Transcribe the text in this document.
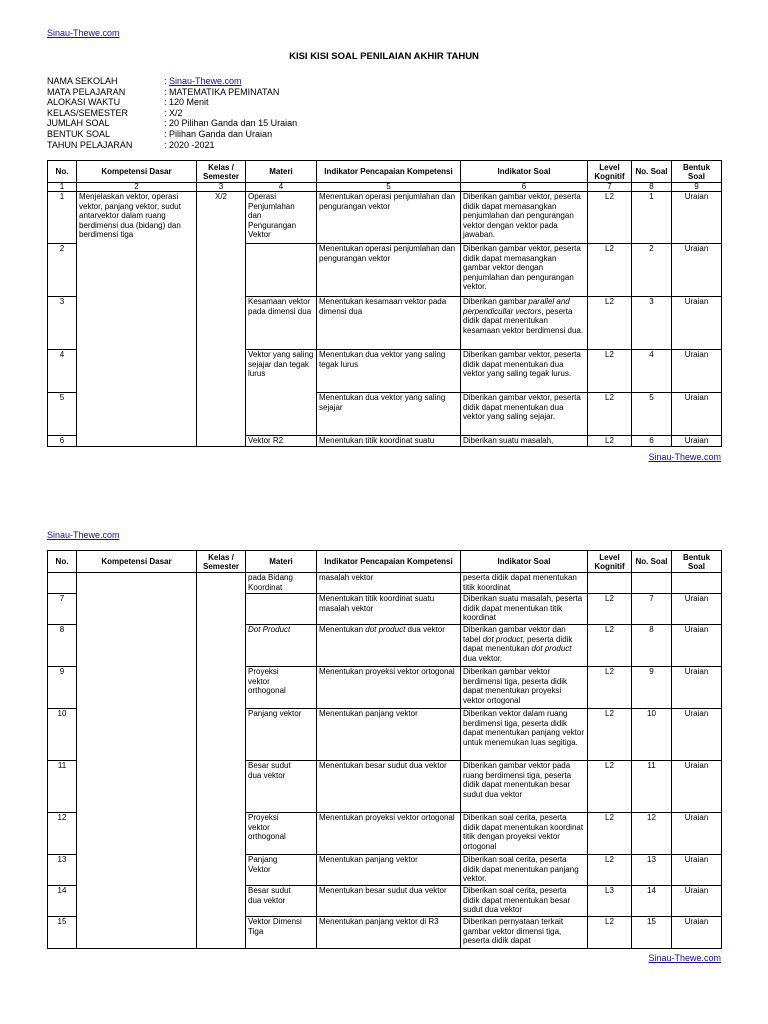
Sinau-Thewe.com
KISI KISI SOAL PENILAIAN AKHIR TAHUN
NAMA SEKOLAH	: Sinau-Thewe.com
MATA PELAJARAN	: MATEMATIKA PEMINATAN
ALOKASI WAKTU	: 120 Menit
KELAS/SEMESTER	: X/2
JUMLAH SOAL	: 20 Pilihan Ganda dan 15 Uraian
BENTUK SOAL	: Pilihan Ganda dan Uraian
TAHUN PELAJARAN	: 2020 -2021
No.	Kompetensi Dasar	Kelas / Semester	Materi	Indikator Pencapaian Kompetensi	Indikator Soal	Level Kognitif	No. Soal	Bentuk Soal
1	2	3	4	5	6	7	8	9
1	Menjelaskan vektor, operasi vektor, panjang vektor, sudut antarvektor dalam ruang berdimensi dua (bidang) dan berdimensi tiga	X/2	Operasi
Penjumlahan
dan
Pengurangan
Vektor	Menentukan operasi penjumlahan dan pengurangan vektor	Diberikan gambar vektor, peserta didik dapat memasangkan penjumlahan dan pengurangan vektor dengan vektor pada jawaban.	L2	1	Uraian
2				Menentukan operasi penjumlahan dan pengurangan vektor	Diberikan gambar vektor, peserta didik dapat memasangkan gambar vektor dengan penjumlahan dan pengurangan vektor.	L2	2	Uraian
3			Kesamaan vektor pada dimensi dua	Menentukan kesamaan vektor pada dimensi dua	Diberikan gambar parallel and perpendicullar vectors, peserta didik dapat menentukan kesamaan vektor berdimensi dua.	L2	3	Uraian
4			Vektor yang saling sejajar dan tegak lurus	Menentukan dua vektor yang saling tegak lurus	Diberikan gambar vektor, peserta didik dapat menentukan dua vektor yang saling tegak lurus.	L2	4	Uraian
5				Menentukan dua vektor yang saling sejajar	Diberikan gambar vektor, peserta didik dapat menentukan dua vektor yang saling sejajar.	L2	5	Uraian
6			Vektor R2	Menentukan titik koordinat suatu	Diberikan suatu masalah,	L2	6	Uraian
Sinau-Thewe.com
Sinau-Thewe.com
No.	Kompetensi Dasar	Kelas / Semester	Materi	Indikator Pencapaian Kompetensi	Indikator Soal	Level Kognitif	No. Soal	Bentuk Soal
			pada Bidang Koordinat	masalah vektor	peserta didik dapat menentukan titik koordinat			
7				Menentukan titik koordinat suatu masalah vektor	Diberikan suatu masalah, peserta didik dapat menentukan titik koordinat	L2	7	Uraian
8			Dot Product	Menentukan dot product dua vektor	Diberikan gambar vektor dan tabel dot product, peserta didik dapat menentukan dot product dua vektor.	L2	8	Uraian
9			Proyeksi
vektor
orthogonal	Menentukan proyeksi vektor ortogonal	Diberikan gambar vektor berdimensi tiga, peserta didik dapat menentukan proyeksi vektor ortogonal	L2	9	Uraian
10			Panjang vektor	Menentukan panjang vektor	Diberikan vektor dalam ruang berdimensi tiga, peserta didik dapat menentukan panjang vektor untuk menemukan luas segitiga.	L2	10	Uraian
11			Besar sudut
dua vektor	Menentukan besar sudut dua vektor	Diberikan gambar vektor pada ruang berdimensi tiga, peserta didik dapat menentukan besar sudut dua vektor	L2	11	Uraian
12			Proyeksi
vektor
orthogonal	Menentukan proyeksi vektor ortogonal	Diberikan soal cerita, peserta didik dapat menentukan koordinat titik dengan proyeksi vektor ortogonal	L2	12	Uraian
13			Panjang
Vektor	Menentukan panjang vektor	Diberikan soal cerita, peserta didik dapat menentukan panjang vektor.	L2	13	Uraian
14			Besar sudut
dua vektor	Menentukan besar sudut dua vektor	Diberikan soal cerita, peserta didik dapat menentukan besar sudut dua vektor	L3	14	Uraian
15			Vektor Dimensi
Tiga	Menentukan panjang vektor di R3	Diberikan pernyataan terkait gambar vektor dimensi tiga, peserta didik dapat	L2	15	Uraian
Sinau-Thewe.com
